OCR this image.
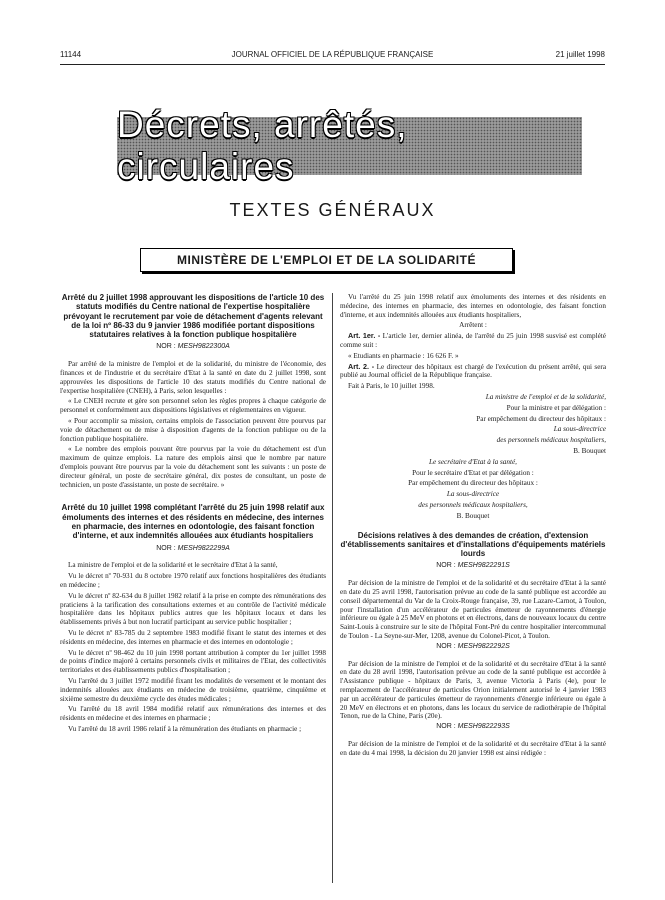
11144	JOURNAL OFFICIEL DE LA RÉPUBLIQUE FRANÇAISE	21 juillet 1998
Décrets, arrêtés, circulaires
TEXTES GÉNÉRAUX
MINISTÈRE DE L'EMPLOI ET DE LA SOLIDARITÉ

Arrêté du 2 juillet 1998 approuvant les dispositions de l'article 10 des statuts modifiés du Centre national de l'expertise hospitalière prévoyant le recrutement par voie de détachement d'agents relevant de la loi nº 86-33 du 9 janvier 1986 modifiée portant dispositions statutaires relatives à la fonction publique hospitalière

NOR : MESH9822300A

Par arrêté de la ministre de l'emploi et de la solidarité, du ministre de l'économie, des finances et de l'industrie et du secrétaire d'Etat à la santé en date du 2 juillet 1998, sont approuvées les dispositions de l'article 10 des statuts modifiés du Centre national de l'expertise hospitalière (CNEH), à Paris, selon lesquelles :

« Le CNEH recrute et gère son personnel selon les règles propres à chaque catégorie de personnel et conformément aux dispositions législatives et réglementaires en vigueur.

« Pour accomplir sa mission, certains emplois de l'association peuvent être pourvus par voie de détachement ou de mise à disposition d'agents de la fonction publique ou de la fonction publique hospitalière.

« Le nombre des emplois pouvant être pourvus par la voie du détachement est d'un maximum de quinze emplois. La nature des emplois ainsi que le nombre par nature d'emplois pouvant être pourvus par la voie du détachement sont les suivants : un poste de directeur général, un poste de secrétaire général, dix postes de consultant, un poste de technicien, un poste d'assistante, un poste de secrétaire. »

Arrêté du 10 juillet 1998 complétant l'arrêté du 25 juin 1998 relatif aux émoluments des internes et des résidents en médecine, des internes en pharmacie, des internes en odontologie, des faisant fonction d'interne, et aux indemnités allouées aux étudiants hospitaliers

NOR : MESH9822299A

La ministre de l'emploi et de la solidarité et le secrétaire d'Etat à la santé,

Vu le décret nº 70-931 du 8 octobre 1970 relatif aux fonctions hospitalières des étudiants en médecine ;

Vu le décret nº 82-634 du 8 juillet 1982 relatif à la prise en compte des rémunérations des praticiens à la tarification des consultations externes et au contrôle de l'activité médicale hospitalière dans les hôpitaux publics autres que les hôpitaux locaux et dans les établissements privés à but non lucratif participant au service public hospitalier ;

Vu le décret nº 83-785 du 2 septembre 1983 modifié fixant le statut des internes et des résidents en médecine, des internes en pharmacie et des internes en odontologie ;

Vu le décret nº 98-462 du 10 juin 1998 portant attribution à compter du 1er juillet 1998 de points d'indice majoré à certains personnels civils et militaires de l'Etat, des collectivités territoriales et des établissements publics d'hospitalisation ;

Vu l'arrêté du 3 juillet 1972 modifié fixant les modalités de versement et le montant des indemnités allouées aux étudiants en médecine de troisième, quatrième, cinquième et sixième semestre du deuxième cycle des études médicales ;

Vu l'arrêté du 18 avril 1984 modifié relatif aux rémunérations des internes et des résidents en médecine et des internes en pharmacie ;

Vu l'arrêté du 18 avril 1986 relatif à la rémunération des étudiants en pharmacie ;

Vu l'arrêté du 25 juin 1998 relatif aux émoluments des internes et des résidents en médecine, des internes en pharmacie, des internes en odontologie, des faisant fonction d'interne, et aux indemnités allouées aux étudiants hospitaliers,

Arrêtent :

Art. 1er. - L'article 1er, dernier alinéa, de l'arrêté du 25 juin 1998 susvisé est complété comme suit :

« Etudiants en pharmacie : 16 626 F. »

Art. 2. - Le directeur des hôpitaux est chargé de l'exécution du présent arrêté, qui sera publié au Journal officiel de la République française.

Fait à Paris, le 10 juillet 1998.

La ministre de l'emploi et de la solidarité,

Pour la ministre et par délégation :

Par empêchement du directeur des hôpitaux :

La sous-directrice

des personnels médicaux hospitaliers,

B. Bouquet

Le secrétaire d'Etat à la santé,

Pour le secrétaire d'Etat et par délégation :

Par empêchement du directeur des hôpitaux :

La sous-directrice

des personnels médicaux hospitaliers,

B. Bouquet

Décisions relatives à des demandes de création, d'extension d'établissements sanitaires et d'installations d'équipements matériels lourds

NOR : MESH9822291S

Par décision de la ministre de l'emploi et de la solidarité et du secrétaire d'Etat à la santé en date du 25 avril 1998, l'autorisation prévue au code de la santé publique est accordée au conseil départemental du Var de la Croix-Rouge française, 39, rue Lazare-Carnot, à Toulon, pour l'installation d'un accélérateur de particules émetteur de rayonnements d'énergie inférieure ou égale à 25 MeV en photons et en électrons, dans de nouveaux locaux du centre Saint-Louis à construire sur le site de l'hôpital Font-Pré du centre hospitalier intercommunal de Toulon - La Seyne-sur-Mer, 1208, avenue du Colonel-Picot, à Toulon.

NOR : MESH9822292S

Par décision de la ministre de l'emploi et de la solidarité et du secrétaire d'Etat à la santé en date du 28 avril 1998, l'autorisation prévue au code de la santé publique est accordée à l'Assistance publique - hôpitaux de Paris, 3, avenue Victoria à Paris (4e), pour le remplacement de l'accélérateur de particules Orion initialement autorisé le 4 janvier 1983 par un accélérateur de particules émetteur de rayonnements d'énergie inférieure ou égale à 20 MeV en électrons et en photons, dans les locaux du service de radiothérapie de l'hôpital Tenon, rue de la Chine, Paris (20e).

NOR : MESH9822293S

Par décision de la ministre de l'emploi et de la solidarité et du secrétaire d'Etat à la santé en date du 4 mai 1998, la décision du 20 janvier 1998 est ainsi rédigée :
